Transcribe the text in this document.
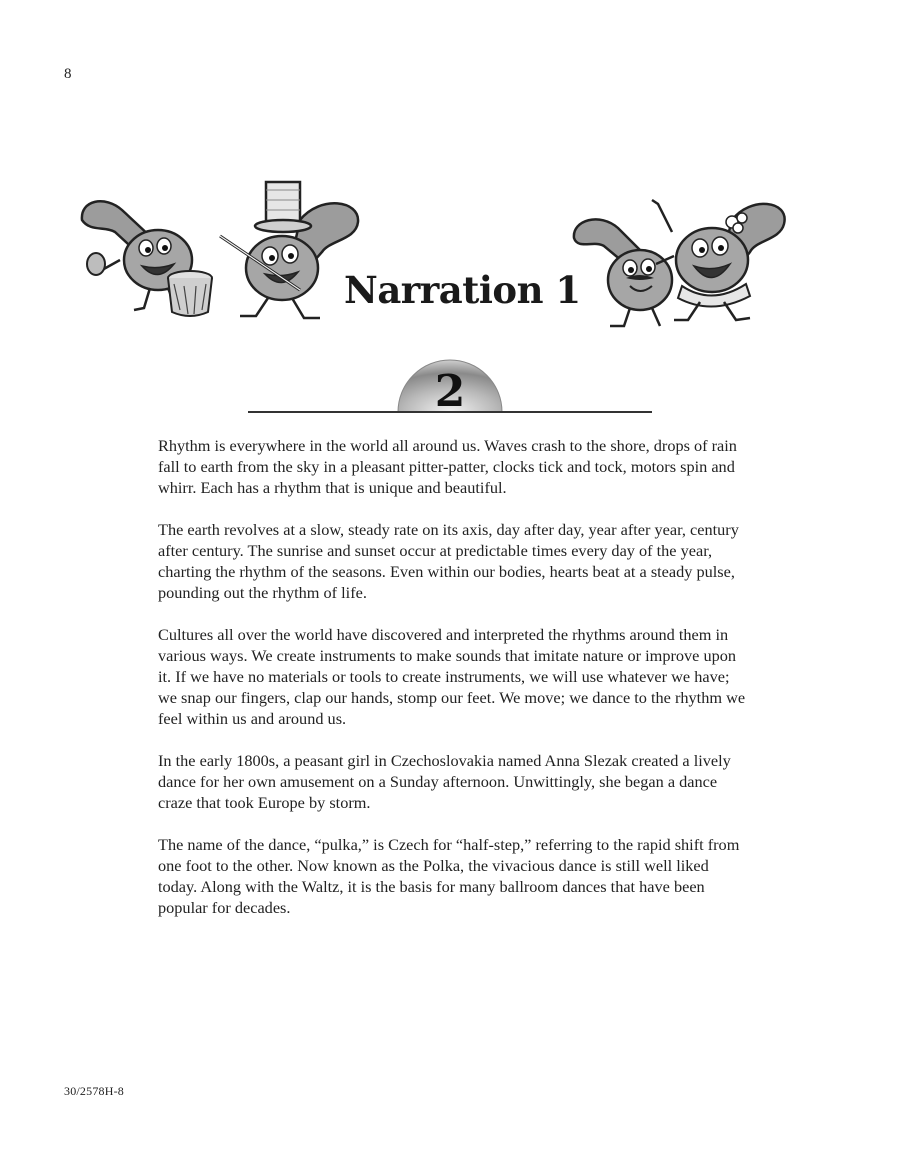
8
Narration 1
2

Rhythm is everywhere in the world all around us. Waves crash to the shore, drops of rain fall to earth from the sky in a pleasant pitter-patter, clocks tick and tock, motors spin and whirr. Each has a rhythm that is unique and beautiful.

The earth revolves at a slow, steady rate on its axis, day after day, year after year, century after century. The sunrise and sunset occur at predictable times every day of the year, charting the rhythm of the seasons. Even within our bodies, hearts beat at a steady pulse, pounding out the rhythm of life.

Cultures all over the world have discovered and interpreted the rhythms around them in various ways. We create instruments to make sounds that imitate nature or improve upon it. If we have no materials or tools to create instruments, we will use whatever we have; we snap our fingers, clap our hands, stomp our feet. We move; we dance to the rhythm we feel within us and around us.

In the early 1800s, a peasant girl in Czechoslovakia named Anna Slezak created a lively dance for her own amusement on a Sunday afternoon. Unwittingly, she began a dance craze that took Europe by storm.

The name of the dance, “pulka,” is Czech for “half-step,” referring to the rapid shift from one foot to the other. Now known as the Polka, the vivacious dance is still well liked today. Along with the Waltz, it is the basis for many ballroom dances that have been popular for decades.

30/2578H-8
